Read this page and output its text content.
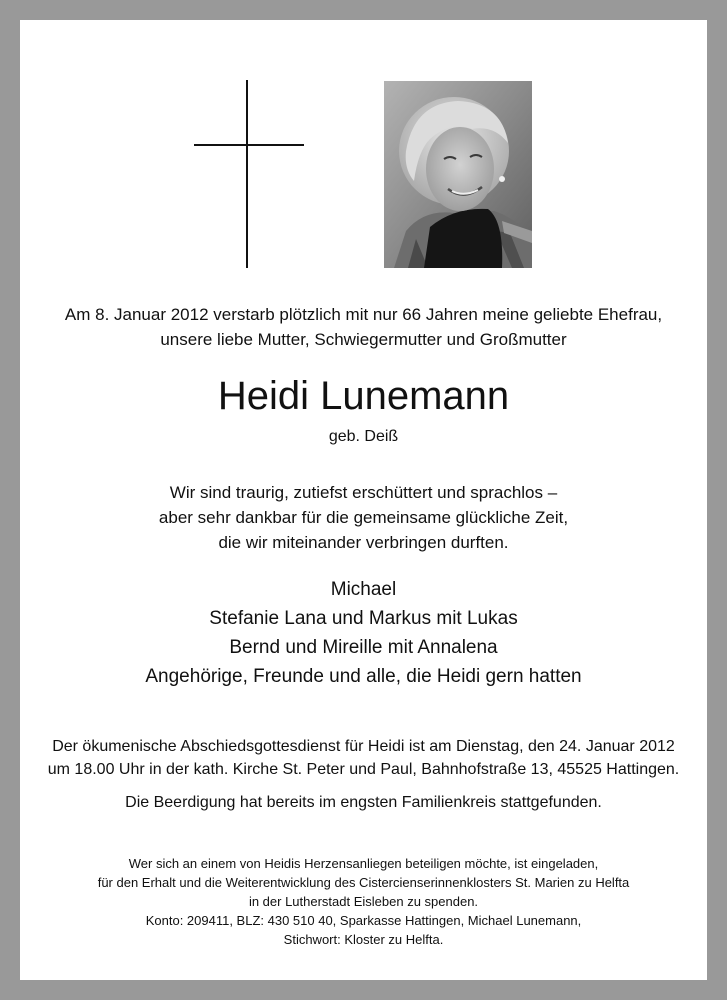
Am 8. Januar 2012 verstarb plötzlich mit nur 66 Jahren meine geliebte Ehefrau,
unsere liebe Mutter, Schwiegermutter und Großmutter
Heidi Lunemann
geb. Deiß
Wir sind traurig, zutiefst erschüttert und sprachlos –
aber sehr dankbar für die gemeinsame glückliche Zeit,
die wir miteinander verbringen durften.
Michael
Stefanie Lana und Markus mit Lukas
Bernd und Mireille mit Annalena
Angehörige, Freunde und alle, die Heidi gern hatten
Der ökumenische Abschiedsgottesdienst für Heidi ist am Dienstag, den 24. Januar 2012
um 18.00 Uhr in der kath. Kirche St. Peter und Paul, Bahnhofstraße 13, 45525 Hattingen.
Die Beerdigung hat bereits im engsten Familienkreis stattgefunden.
Wer sich an einem von Heidis Herzensanliegen beteiligen möchte, ist eingeladen,
für den Erhalt und die Weiterentwicklung des Cistercienserinnenklosters St. Marien zu Helfta
in der Lutherstadt Eisleben zu spenden.
Konto: 209411, BLZ: 430 510 40, Sparkasse Hattingen, Michael Lunemann,
Stichwort: Kloster zu Helfta.
